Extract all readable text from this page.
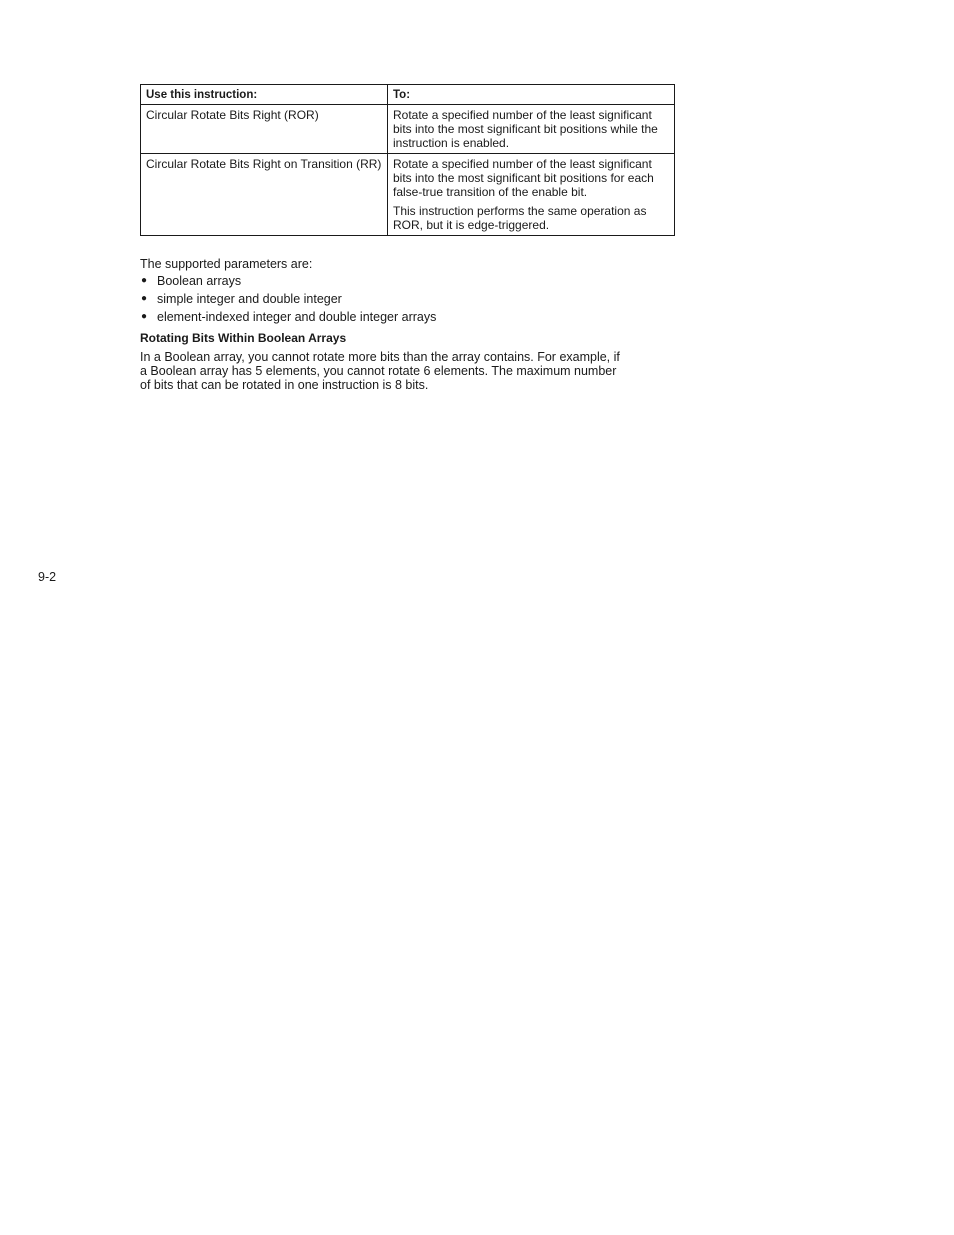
Use this instruction:	To:
Circular Rotate Bits Right (ROR)	Rotate a specified number of the least significant bits into the most significant bit positions while the instruction is enabled.

Circular Rotate Bits Right on Transition (RR)	Rotate a specified number of the least significant bits into the most significant bit positions for each false-true transition of the enable bit.

This instruction performs the same operation as ROR, but it is edge-triggered.

The supported parameters are:

● Boolean arrays
● simple integer and double integer
● element-indexed integer and double integer arrays
Rotating Bits Within Boolean Arrays
In a Boolean array, you cannot rotate more bits than the array contains. For example, if a Boolean array has 5 elements, you cannot rotate 6 elements. The maximum number of bits that can be rotated in one instruction is 8 bits.
9-2
